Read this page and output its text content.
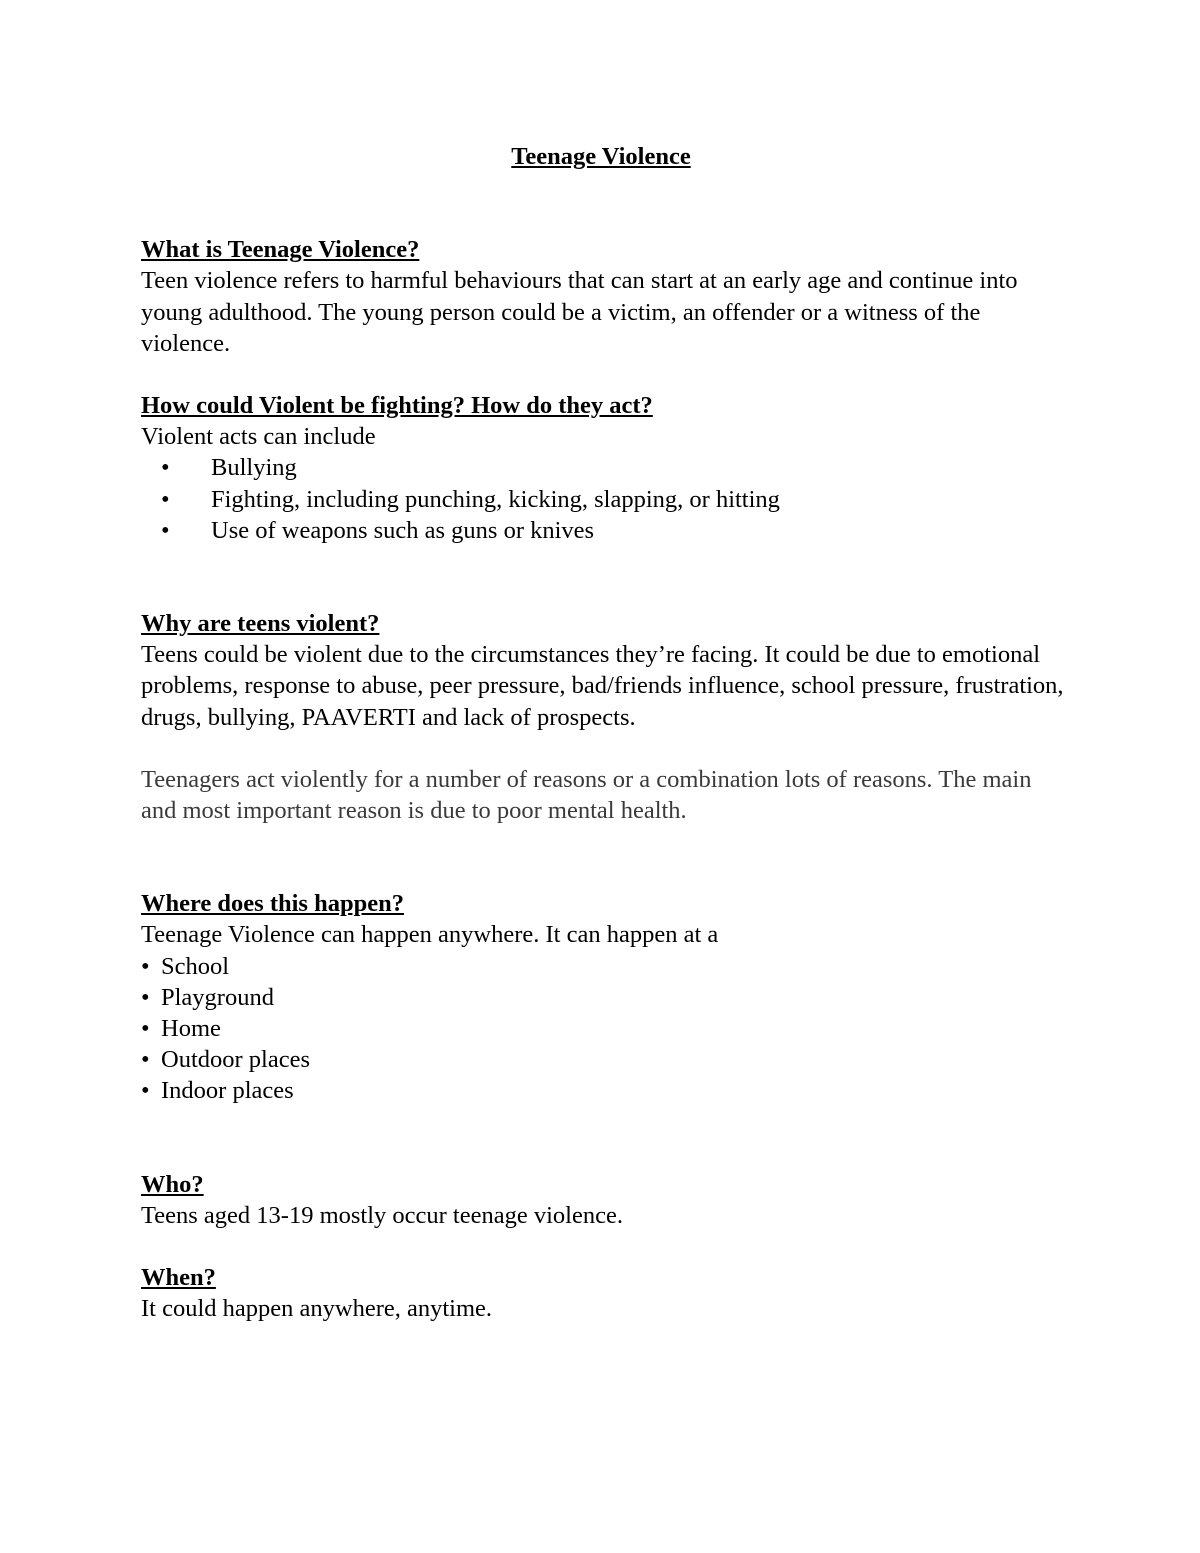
Teenage Violence

What is Teenage Violence?

Teen violence refers to harmful behaviours that can start at an early age and continue into young adulthood. The young person could be a victim, an offender or a witness of the violence.

How could Violent be fighting? How do they act?

Violent acts can include

• Bullying
• Fighting, including punching, kicking, slapping, or hitting
• Use of weapons such as guns or knives

Why are teens violent?

Teens could be violent due to the circumstances they’re facing. It could be due to emotional problems, response to abuse, peer pressure, bad/friends influence, school pressure, frustration, drugs, bullying, PAAVERTI and lack of prospects.

Teenagers act violently for a number of reasons or a combination lots of reasons. The main and most important reason is due to poor mental health.

Where does this happen?

Teenage Violence can happen anywhere. It can happen at a

• School
• Playground
• Home
• Outdoor places
• Indoor places

Who?

Teens aged 13-19 mostly occur teenage violence.

When?

It could happen anywhere, anytime.
